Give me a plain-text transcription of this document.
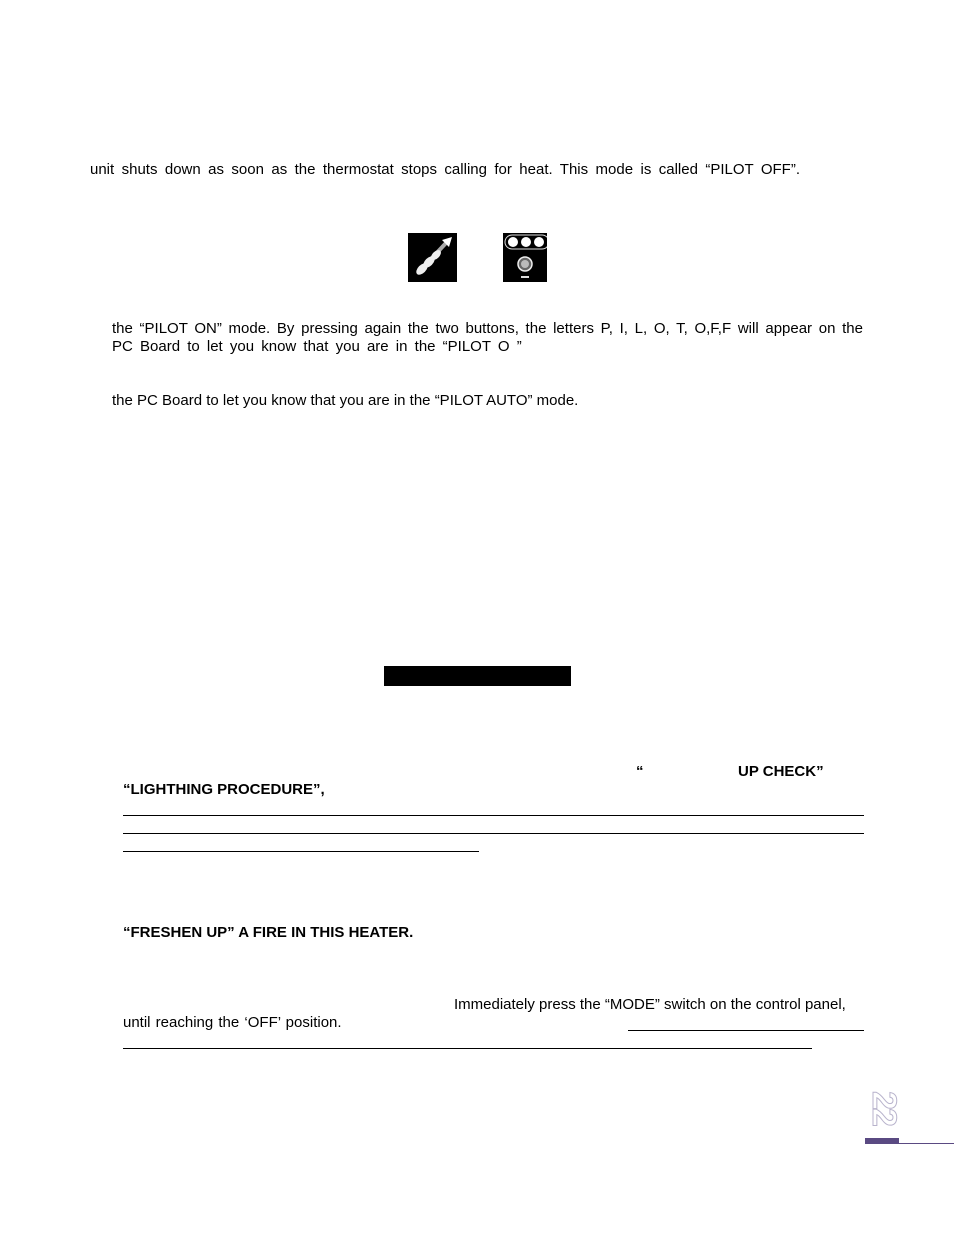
unit shuts down as soon as the thermostat stops calling for heat. This mode is called “PILOT OFF”.
the “PILOT ON” mode. By pressing again the two buttons, the letters P, I, L, O, T, O,F,F will appear on the
PC Board to let you know that you are in the “PILOT O ”
the PC Board to let you know that you are in the “PILOT AUTO” mode.
“	UP CHECK”
“LIGHTHING PROCEDURE”,
“FRESHEN UP” A FIRE IN THIS HEATER.
Immediately press the “MODE” switch on the control panel,
until reaching the ‘OFF’ position.
22
